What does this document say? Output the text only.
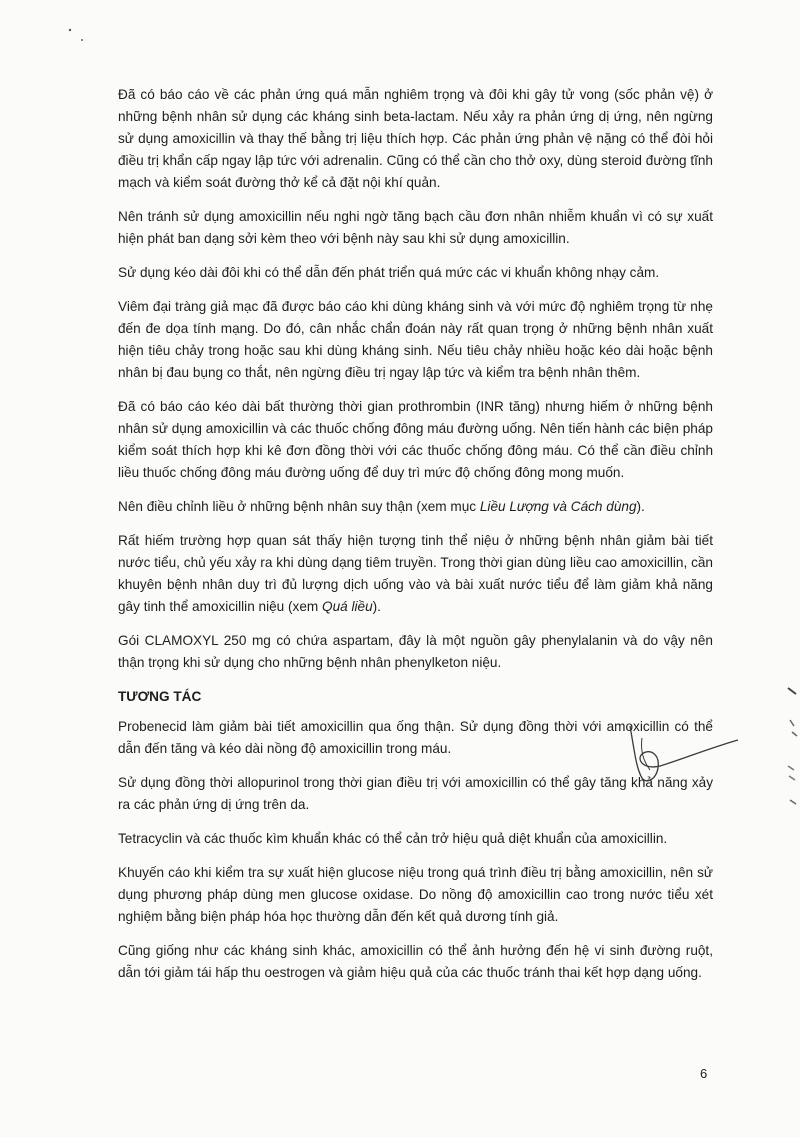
Đã có báo cáo về các phản ứng quá mẫn nghiêm trọng và đôi khi gây tử vong (sốc phản vệ) ở những bệnh nhân sử dụng các kháng sinh beta-lactam. Nếu xảy ra phản ứng dị ứng, nên ngừng sử dụng amoxicillin và thay thế bằng trị liệu thích hợp. Các phản ứng phản vệ nặng có thể đòi hỏi điều trị khẩn cấp ngay lập tức với adrenalin. Cũng có thể cần cho thở oxy, dùng steroid đường tĩnh mạch và kiểm soát đường thở kể cả đặt nội khí quản.

Nên tránh sử dụng amoxicillin nếu nghi ngờ tăng bạch cầu đơn nhân nhiễm khuẩn vì có sự xuất hiện phát ban dạng sởi kèm theo với bệnh này sau khi sử dụng amoxicillin.

Sử dụng kéo dài đôi khi có thể dẫn đến phát triển quá mức các vi khuẩn không nhạy cảm.

Viêm đại tràng giả mạc đã được báo cáo khi dùng kháng sinh và với mức độ nghiêm trọng từ nhẹ đến đe dọa tính mạng. Do đó, cân nhắc chẩn đoán này rất quan trọng ở những bệnh nhân xuất hiện tiêu chảy trong hoặc sau khi dùng kháng sinh. Nếu tiêu chảy nhiều hoặc kéo dài hoặc bệnh nhân bị đau bụng co thắt, nên ngừng điều trị ngay lập tức và kiểm tra bệnh nhân thêm.

Đã có báo cáo kéo dài bất thường thời gian prothrombin (INR tăng) nhưng hiếm ở những bệnh nhân sử dụng amoxicillin và các thuốc chống đông máu đường uống. Nên tiến hành các biện pháp kiểm soát thích hợp khi kê đơn đồng thời với các thuốc chống đông máu. Có thể cần điều chỉnh liều thuốc chống đông máu đường uống để duy trì mức độ chống đông mong muốn.

Nên điều chỉnh liều ở những bệnh nhân suy thận (xem mục Liều Lượng và Cách dùng).

Rất hiếm trường hợp quan sát thấy hiện tượng tinh thể niệu ở những bệnh nhân giảm bài tiết nước tiểu, chủ yếu xảy ra khi dùng dạng tiêm truyền. Trong thời gian dùng liều cao amoxicillin, cần khuyên bệnh nhân duy trì đủ lượng dịch uống vào và bài xuất nước tiểu để làm giảm khả năng gây tinh thể amoxicillin niệu (xem Quá liều).

Gói CLAMOXYL 250 mg có chứa aspartam, đây là một nguồn gây phenylalanin và do vậy nên thận trọng khi sử dụng cho những bệnh nhân phenylketon niệu.

TƯƠNG TÁC

Probenecid làm giảm bài tiết amoxicillin qua ống thận. Sử dụng đồng thời với amoxicillin có thể dẫn đến tăng và kéo dài nồng độ amoxicillin trong máu.

Sử dụng đồng thời allopurinol trong thời gian điều trị với amoxicillin có thể gây tăng khả năng xảy ra các phản ứng dị ứng trên da.

Tetracyclin và các thuốc kìm khuẩn khác có thể cản trở hiệu quả diệt khuẩn của amoxicillin.

Khuyến cáo khi kiểm tra sự xuất hiện glucose niệu trong quá trình điều trị bằng amoxicillin, nên sử dụng phương pháp dùng men glucose oxidase. Do nồng độ amoxicillin cao trong nước tiểu xét nghiệm bằng biện pháp hóa học thường dẫn đến kết quả dương tính giả.

Cũng giống như các kháng sinh khác, amoxicillin có thể ảnh hưởng đến hệ vi sinh đường ruột, dẫn tới giảm tái hấp thu oestrogen và giảm hiệu quả của các thuốc tránh thai kết hợp dạng uống.

6
